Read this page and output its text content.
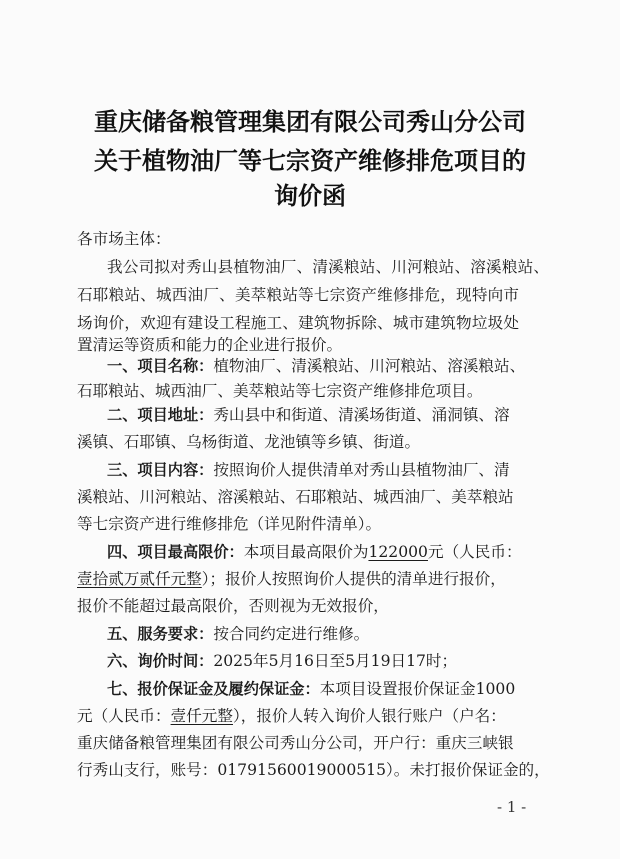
重庆储备粮管理集团有限公司秀山分公司
关于植物油厂等七宗资产维修排危项目的
询价函
各市场主体：
我公司拟对秀山县植物油厂、清溪粮站、川河粮站、溶溪粮站、
石耶粮站、城西油厂、美萃粮站等七宗资产维修排危，现特向市
场询价，欢迎有建设工程施工、建筑物拆除、城市建筑物垃圾处
置清运等资质和能力的企业进行报价。
一、项目名称：植物油厂、清溪粮站、川河粮站、溶溪粮站、
石耶粮站、城西油厂、美萃粮站等七宗资产维修排危项目。
二、项目地址：秀山县中和街道、清溪场街道、涌洞镇、溶
溪镇、石耶镇、乌杨街道、龙池镇等乡镇、街道。
三、项目内容：按照询价人提供清单对秀山县植物油厂、清
溪粮站、川河粮站、溶溪粮站、石耶粮站、城西油厂、美萃粮站
等七宗资产进行维修排危（详见附件清单）。
四、项目最高限价：本项目最高限价为122000元（人民币：
壹拾贰万贰仟元整）；报价人按照询价人提供的清单进行报价，
报价不能超过最高限价，否则视为无效报价，
五、服务要求：按合同约定进行维修。
六、询价时间：2025年5月16日至5月19日17时；
七、报价保证金及履约保证金：本项目设置报价保证金1000
元（人民币：壹仟元整），报价人转入询价人银行账户（户名：
重庆储备粮管理集团有限公司秀山分公司，开户行：重庆三峡银
行秀山支行，账号：01791560019000515）。未打报价保证金的，
- 1 -
